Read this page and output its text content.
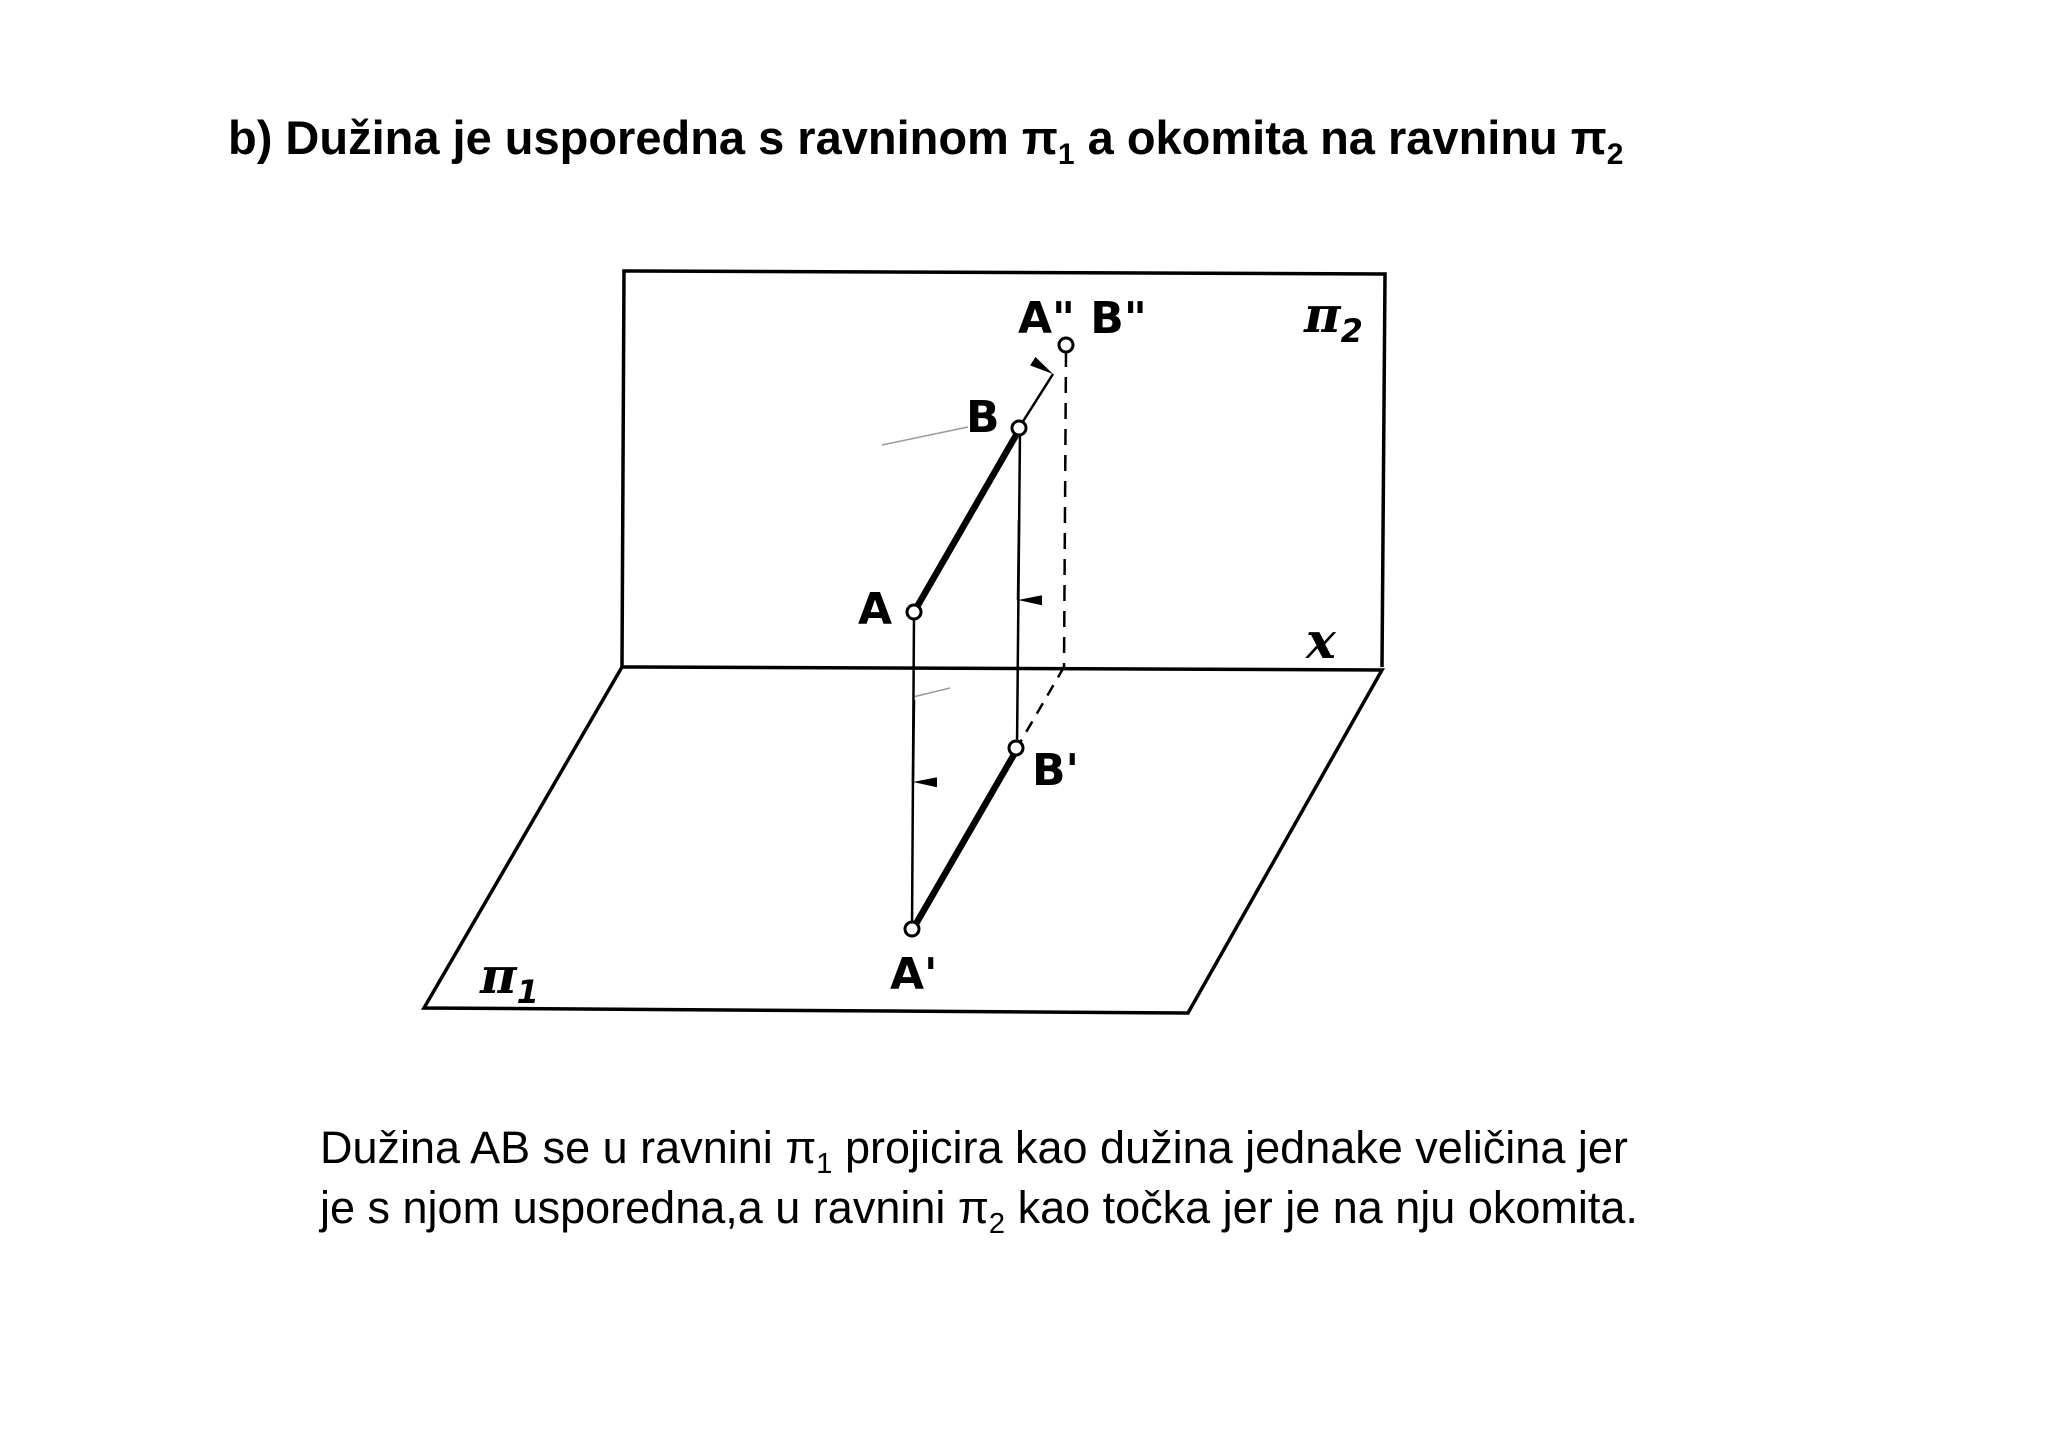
b) Dužina je usporedna s ravninom $\pi_1$ a okomita na ravninu $\pi_2$
$\pi_2$
$\pi_1$
x
A
B
A" B"
B'
A'
Dužina AB se u ravnini $\pi_1$ projicira kao dužina jednake veličina jer
je s njom usporedna,a u ravnini $\pi_2$ kao točka jer je na nju okomita.
